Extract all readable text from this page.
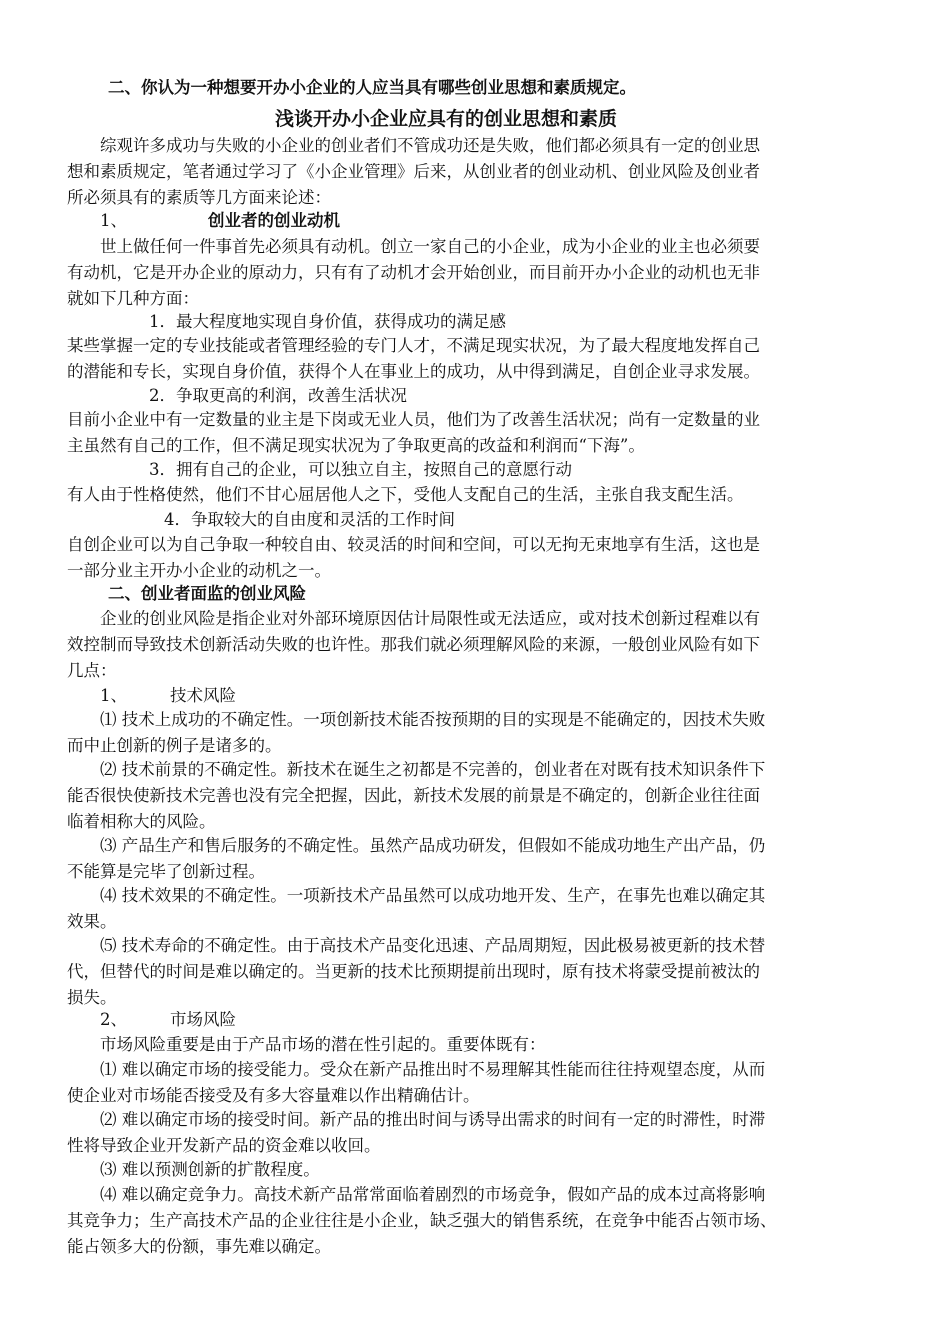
二、你认为一种想要开办小企业的人应当具有哪些创业思想和素质规定。
浅谈开办小企业应具有的创业思想和素质
综观许多成功与失败的小企业的创业者们不管成功还是失败，他们都必须具有一定的创业思
想和素质规定，笔者通过学习了《小企业管理》后来，从创业者的创业动机、创业风险及创业者
所必须具有的素质等几方面来论述：
1、	创业者的创业动机
世上做任何一件事首先必须具有动机。创立一家自己的小企业，成为小企业的业主也必须要
有动机，它是开办企业的原动力，只有有了动机才会开始创业，而目前开办小企业的动机也无非
就如下几种方面：
1．最大程度地实现自身价值，获得成功的满足感
某些掌握一定的专业技能或者管理经验的专门人才，不满足现实状况，为了最大程度地发挥自己
的潜能和专长，实现自身价值，获得个人在事业上的成功，从中得到满足，自创企业寻求发展。
2．争取更高的利润，改善生活状况
目前小企业中有一定数量的业主是下岗或无业人员，他们为了改善生活状况；尚有一定数量的业
主虽然有自己的工作，但不满足现实状况为了争取更高的改益和利润而“下海”。
3．拥有自己的企业，可以独立自主，按照自己的意愿行动
有人由于性格使然，他们不甘心屈居他人之下，受他人支配自己的生活，主张自我支配生活。
4．争取较大的自由度和灵活的工作时间
自创企业可以为自己争取一种较自由、较灵活的时间和空间，可以无拘无束地享有生活，这也是
一部分业主开办小企业的动机之一。
二、创业者面监的创业风险
企业的创业风险是指企业对外部环境原因估计局限性或无法适应，或对技术创新过程难以有
效控制而导致技术创新活动失败的也许性。那我们就必须理解风险的来源，一般创业风险有如下
几点：
1、	技术风险
⑴ 技术上成功的不确定性。一项创新技术能否按预期的目的实现是不能确定的，因技术失败
而中止创新的例子是诸多的。
⑵ 技术前景的不确定性。新技术在诞生之初都是不完善的，创业者在对既有技术知识条件下
能否很快使新技术完善也没有完全把握，因此，新技术发展的前景是不确定的，创新企业往往面
临着相称大的风险。
⑶ 产品生产和售后服务的不确定性。虽然产品成功研发，但假如不能成功地生产出产品，仍
不能算是完毕了创新过程。
⑷ 技术效果的不确定性。一项新技术产品虽然可以成功地开发、生产，在事先也难以确定其
效果。
⑸ 技术寿命的不确定性。由于高技术产品变化迅速、产品周期短，因此极易被更新的技术替
代，但替代的时间是难以确定的。当更新的技术比预期提前出现时，原有技术将蒙受提前被汰的
损失。
2、	市场风险
市场风险重要是由于产品市场的潜在性引起的。重要体既有：
⑴ 难以确定市场的接受能力。受众在新产品推出时不易理解其性能而往往持观望态度，从而
使企业对市场能否接受及有多大容量难以作出精确估计。
⑵ 难以确定市场的接受时间。新产品的推出时间与诱导出需求的时间有一定的时滞性，时滞
性将导致企业开发新产品的资金难以收回。
⑶ 难以预测创新的扩散程度。
⑷ 难以确定竞争力。高技术新产品常常面临着剧烈的市场竞争，假如产品的成本过高将影响
其竞争力；生产高技术产品的企业往往是小企业，缺乏强大的销售系统，在竞争中能否占领市场、
能占领多大的份额，事先难以确定。
